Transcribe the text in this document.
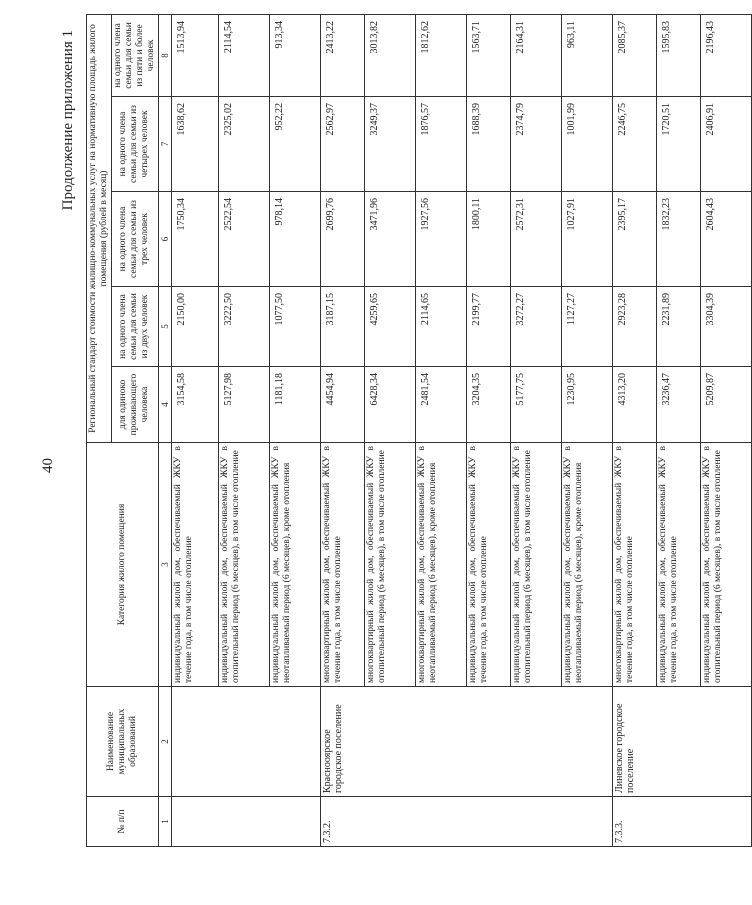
40
Продолжение приложения 1
№ п/п	Наименование муниципальных образований	Категория жилого помещения	Региональный стандарт стоимости жилищно-коммунальных услуг на нормативную площадь жилого помещения (рублей в месяц)				
			для одиноко проживающего человека	на одного члена семьи для семьи из двух человек	на одного члена семьи для семьи из трех человек	на одного члена семьи для семьи из четырех человек	на одного члена семьи для семьи из пяти и более человек
1	2	3	4	5	6	7	8
		индивидуальный жилой дом, обеспечиваемый ЖКУ в течение года, в том числе отопление	3154,58	2150,00	1750,34	1638,62	1513,94
		индивидуальный жилой дом, обеспечиваемый ЖКУ в отопительный период (6 месяцев), в том числе отопление	5127,98	3222,50	2522,54	2325,02	2114,54
		индивидуальный жилой дом, обеспечиваемый ЖКУ в неотапливаемый период (6 месяцев), кроме отопления	1181,18	1077,50	978,14	952,22	913,34
7.3.2.	Краснооярское городское поселение	многоквартирный жилой дом, обеспечиваемый ЖКУ в течение года, в том числе отопление	4454,94	3187,15	2699,76	2562,97	2413,22
		многоквартирный жилой дом, обеспечиваемый ЖКУ в отопительный период (6 месяцев), в том числе отопление	6428,34	4259,65	3471,96	3249,37	3013,82
		многоквартирный жилой дом, обеспечиваемый ЖКУ в неотапливаемый период (6 месяцев), кроме отопления	2481,54	2114,65	1927,56	1876,57	1812,62
		индивидуальный жилой дом, обеспечиваемый ЖКУ в течение года, в том числе отопление	3204,35	2199,77	1800,11	1688,39	1563,71
		индивидуальный жилой дом, обеспечиваемый ЖКУ в отопительный период (6 месяцев), в том числе отопление	5177,75	3272,27	2572,31	2374,79	2164,31
		индивидуальный жилой дом, обеспечиваемый ЖКУ в неотапливаемый период (6 месяцев), кроме отопления	1230,95	1127,27	1027,91	1001,99	963,11
7.3.3.	Линевское городское поселение	многоквартирный жилой дом, обеспечиваемый ЖКУ в течение года, в том числе отопление	4313,20	2923,28	2395,17	2246,75	2085,37
		индивидуальный жилой дом, обеспечиваемый ЖКУ в течение года, в том числе отопление	3236,47	2231,89	1832,23	1720,51	1595,83
		индивидуальный жилой дом, обеспечиваемый ЖКУ в отопительный период (6 месяцев), в том числе отопление	5209,87	3304,39	2604,43	2406,91	2196,43
